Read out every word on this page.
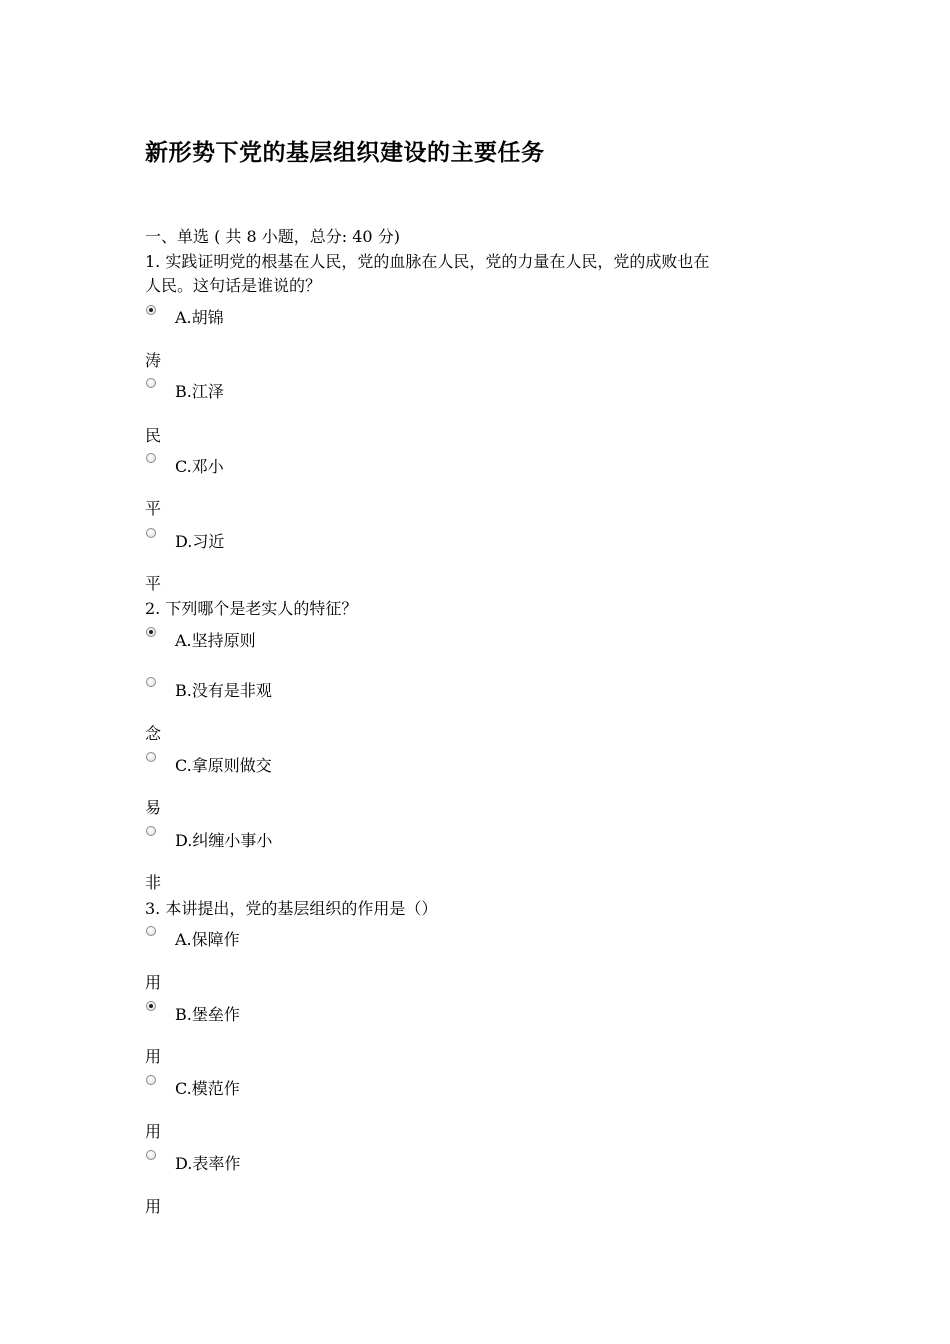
新形势下党的基层组织建设的主要任务
一、单选 ( 共 8 小题，总分: 40 分)
1. 实践证明党的根基在人民，党的血脉在人民，党的力量在人民，党的成败也在
人民。这句话是谁说的？
A.胡锦
涛
B.江泽
民
C.邓小
平
D.习近
平
2. 下列哪个是老实人的特征？
A.坚持原则
B.没有是非观
念
C.拿原则做交
易
D.纠缠小事小
非
3. 本讲提出，党的基层组织的作用是（）
A.保障作
用
B.堡垒作
用
C.模范作
用
D.表率作
用
